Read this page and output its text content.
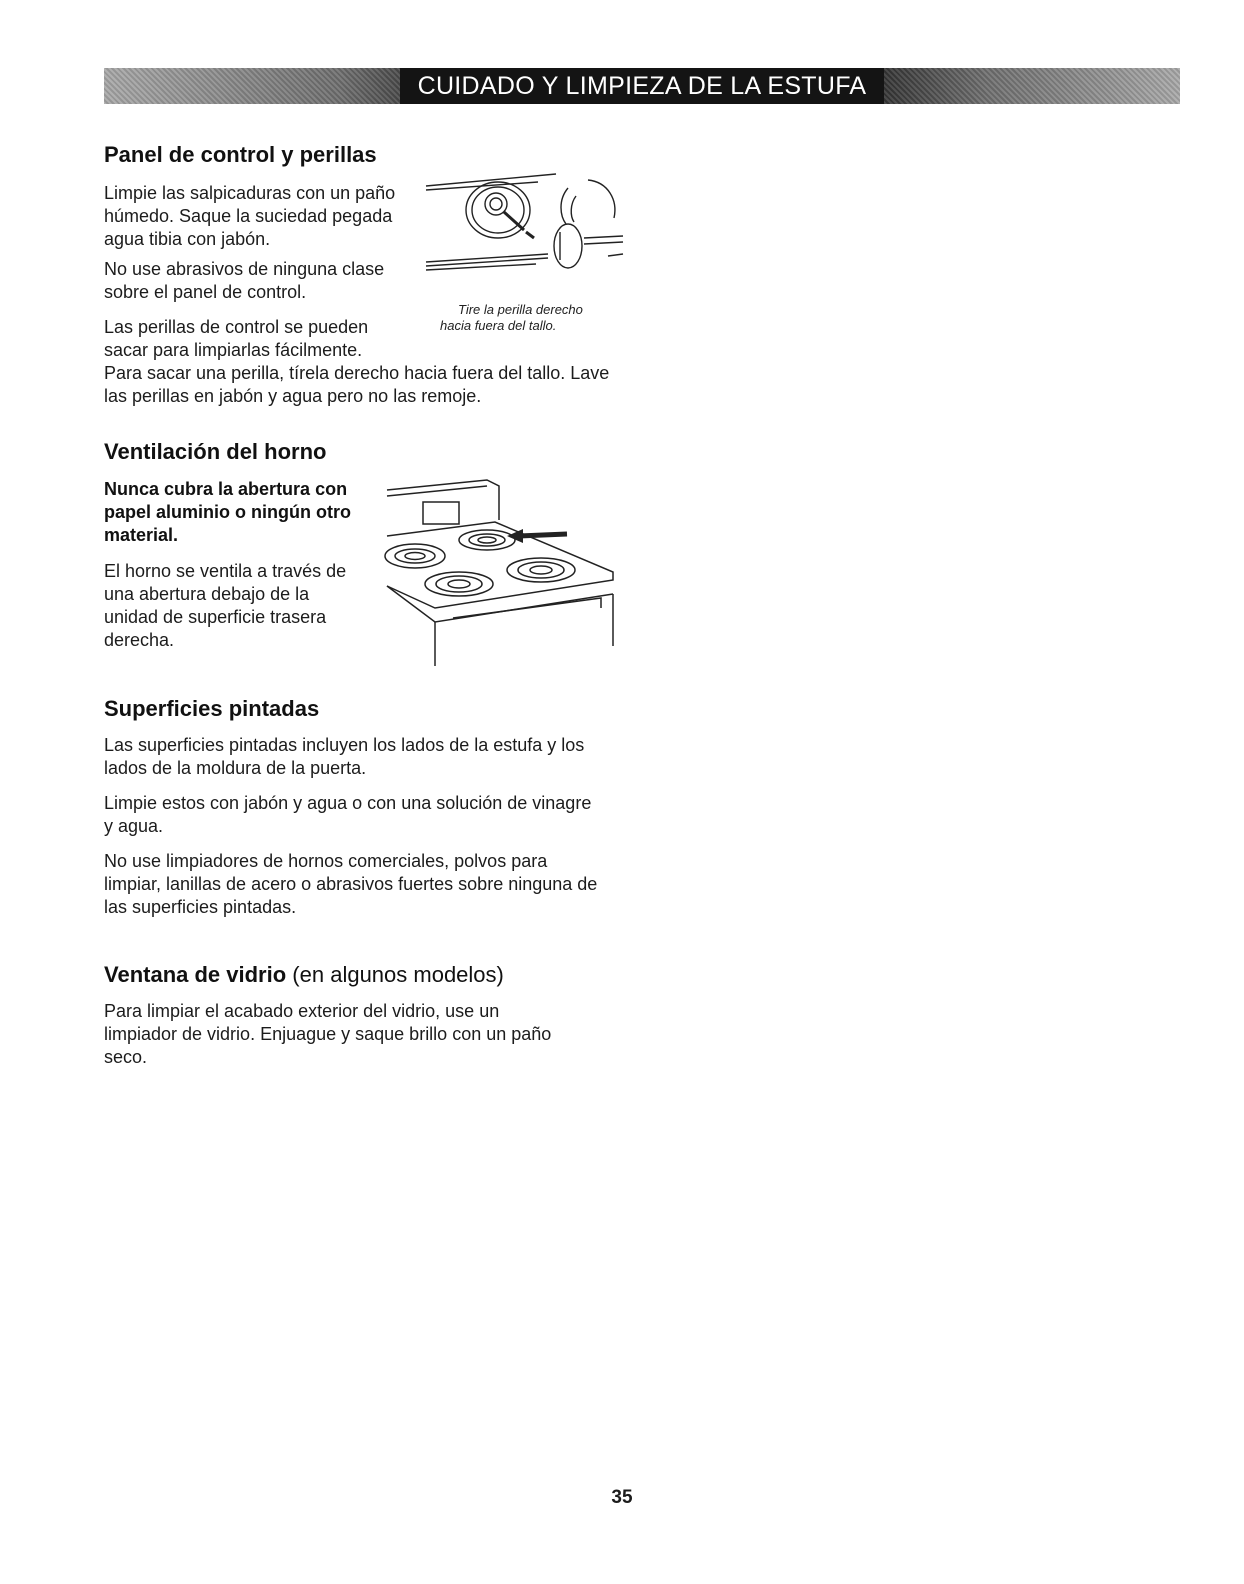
CUIDADO Y LIMPIEZA DE LA ESTUFA
Panel de control y perillas

Limpie las salpicaduras con un paño húmedo. Saque la suciedad pegada agua tibia con jabón.

No use abrasivos de ninguna clase sobre el panel de control.

Las perillas de control se pueden sacar para limpiarlas fácilmente.

Para sacar una perilla, tírela derecho hacia fuera del tallo. Lave las perillas en jabón y agua pero no las remoje.

Tire la perilla derecho
hacia fuera del tallo.
Ventilación del horno

Nunca cubra la abertura con papel aluminio o ningún otro material.

El horno se ventila a través de una abertura debajo de la unidad de superficie trasera derecha.

Superficies pintadas

Las superficies pintadas incluyen los lados de la estufa y los lados de la moldura de la puerta.

Limpie estos con jabón y agua o con una solución de vinagre y agua.

No use limpiadores de hornos comerciales, polvos para limpiar, lanillas de acero o abrasivos fuertes sobre ninguna de las superficies pintadas.

Ventana de vidrio (en algunos modelos)

Para limpiar el acabado exterior del vidrio, use un limpiador de vidrio. Enjuague y saque brillo con un paño seco.

35
